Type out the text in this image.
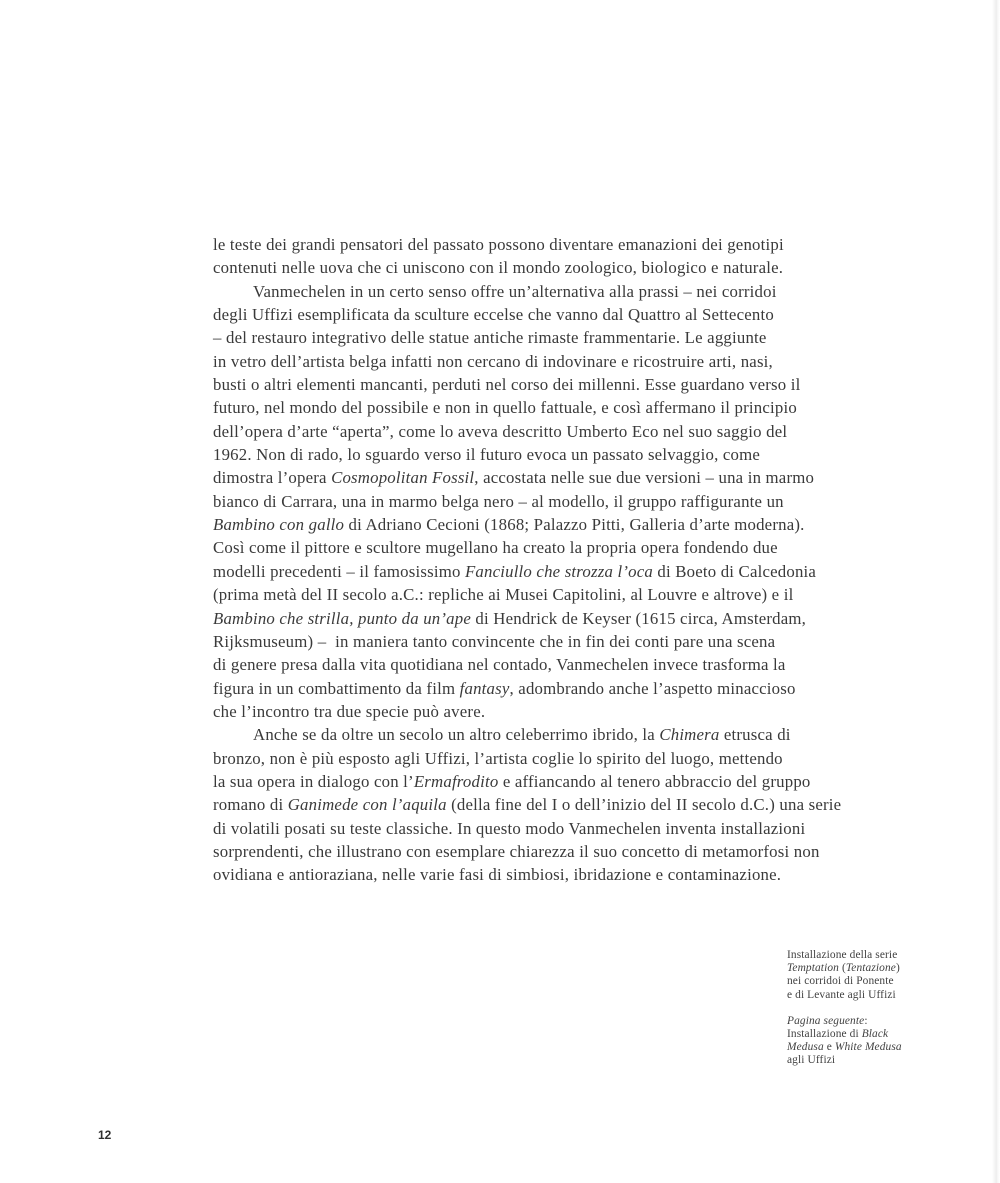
le teste dei grandi pensatori del passato possono diventare emanazioni dei genotipi
contenuti nelle uova che ci uniscono con il mondo zoologico, biologico e naturale.
Vanmechelen in un certo senso offre un’alternativa alla prassi – nei corridoi
degli Uffizi esemplificata da sculture eccelse che vanno dal Quattro al Settecento
– del restauro integrativo delle statue antiche rimaste frammentarie. Le aggiunte
in vetro dell’artista belga infatti non cercano di indovinare e ricostruire arti, nasi,
busti o altri elementi mancanti, perduti nel corso dei millenni. Esse guardano verso il
futuro, nel mondo del possibile e non in quello fattuale, e così affermano il principio
dell’opera d’arte “aperta”, come lo aveva descritto Umberto Eco nel suo saggio del
1962. Non di rado, lo sguardo verso il futuro evoca un passato selvaggio, come
dimostra l’opera Cosmopolitan Fossil, accostata nelle sue due versioni – una in marmo
bianco di Carrara, una in marmo belga nero – al modello, il gruppo raffigurante un
Bambino con gallo di Adriano Cecioni (1868; Palazzo Pitti, Galleria d’arte moderna).
Così come il pittore e scultore mugellano ha creato la propria opera fondendo due
modelli precedenti – il famosissimo Fanciullo che strozza l’oca di Boeto di Calcedonia
(prima metà del II secolo a.C.: repliche ai Musei Capitolini, al Louvre e altrove) e il
Bambino che strilla, punto da un’ape di Hendrick de Keyser (1615 circa, Amsterdam,
Rijksmuseum) –  in maniera tanto convincente che in fin dei conti pare una scena
di genere presa dalla vita quotidiana nel contado, Vanmechelen invece trasforma la
figura in un combattimento da film fantasy, adombrando anche l’aspetto minaccioso
che l’incontro tra due specie può avere.
Anche se da oltre un secolo un altro celeberrimo ibrido, la Chimera etrusca di
bronzo, non è più esposto agli Uffizi, l’artista coglie lo spirito del luogo, mettendo
la sua opera in dialogo con l’Ermafrodito e affiancando al tenero abbraccio del gruppo
romano di Ganimede con l’aquila (della fine del I o dell’inizio del II secolo d.C.) una serie
di volatili posati su teste classiche. In questo modo Vanmechelen inventa installazioni
sorprendenti, che illustrano con esemplare chiarezza il suo concetto di metamorfosi non
ovidiana e antioraziana, nelle varie fasi di simbiosi, ibridazione e contaminazione.
Installazione della serie
Temptation (Tentazione)
nei corridoi di Ponente
e di Levante agli Uffizi
Pagina seguente:
Installazione di Black
Medusa e White Medusa
agli Uffizi
12
